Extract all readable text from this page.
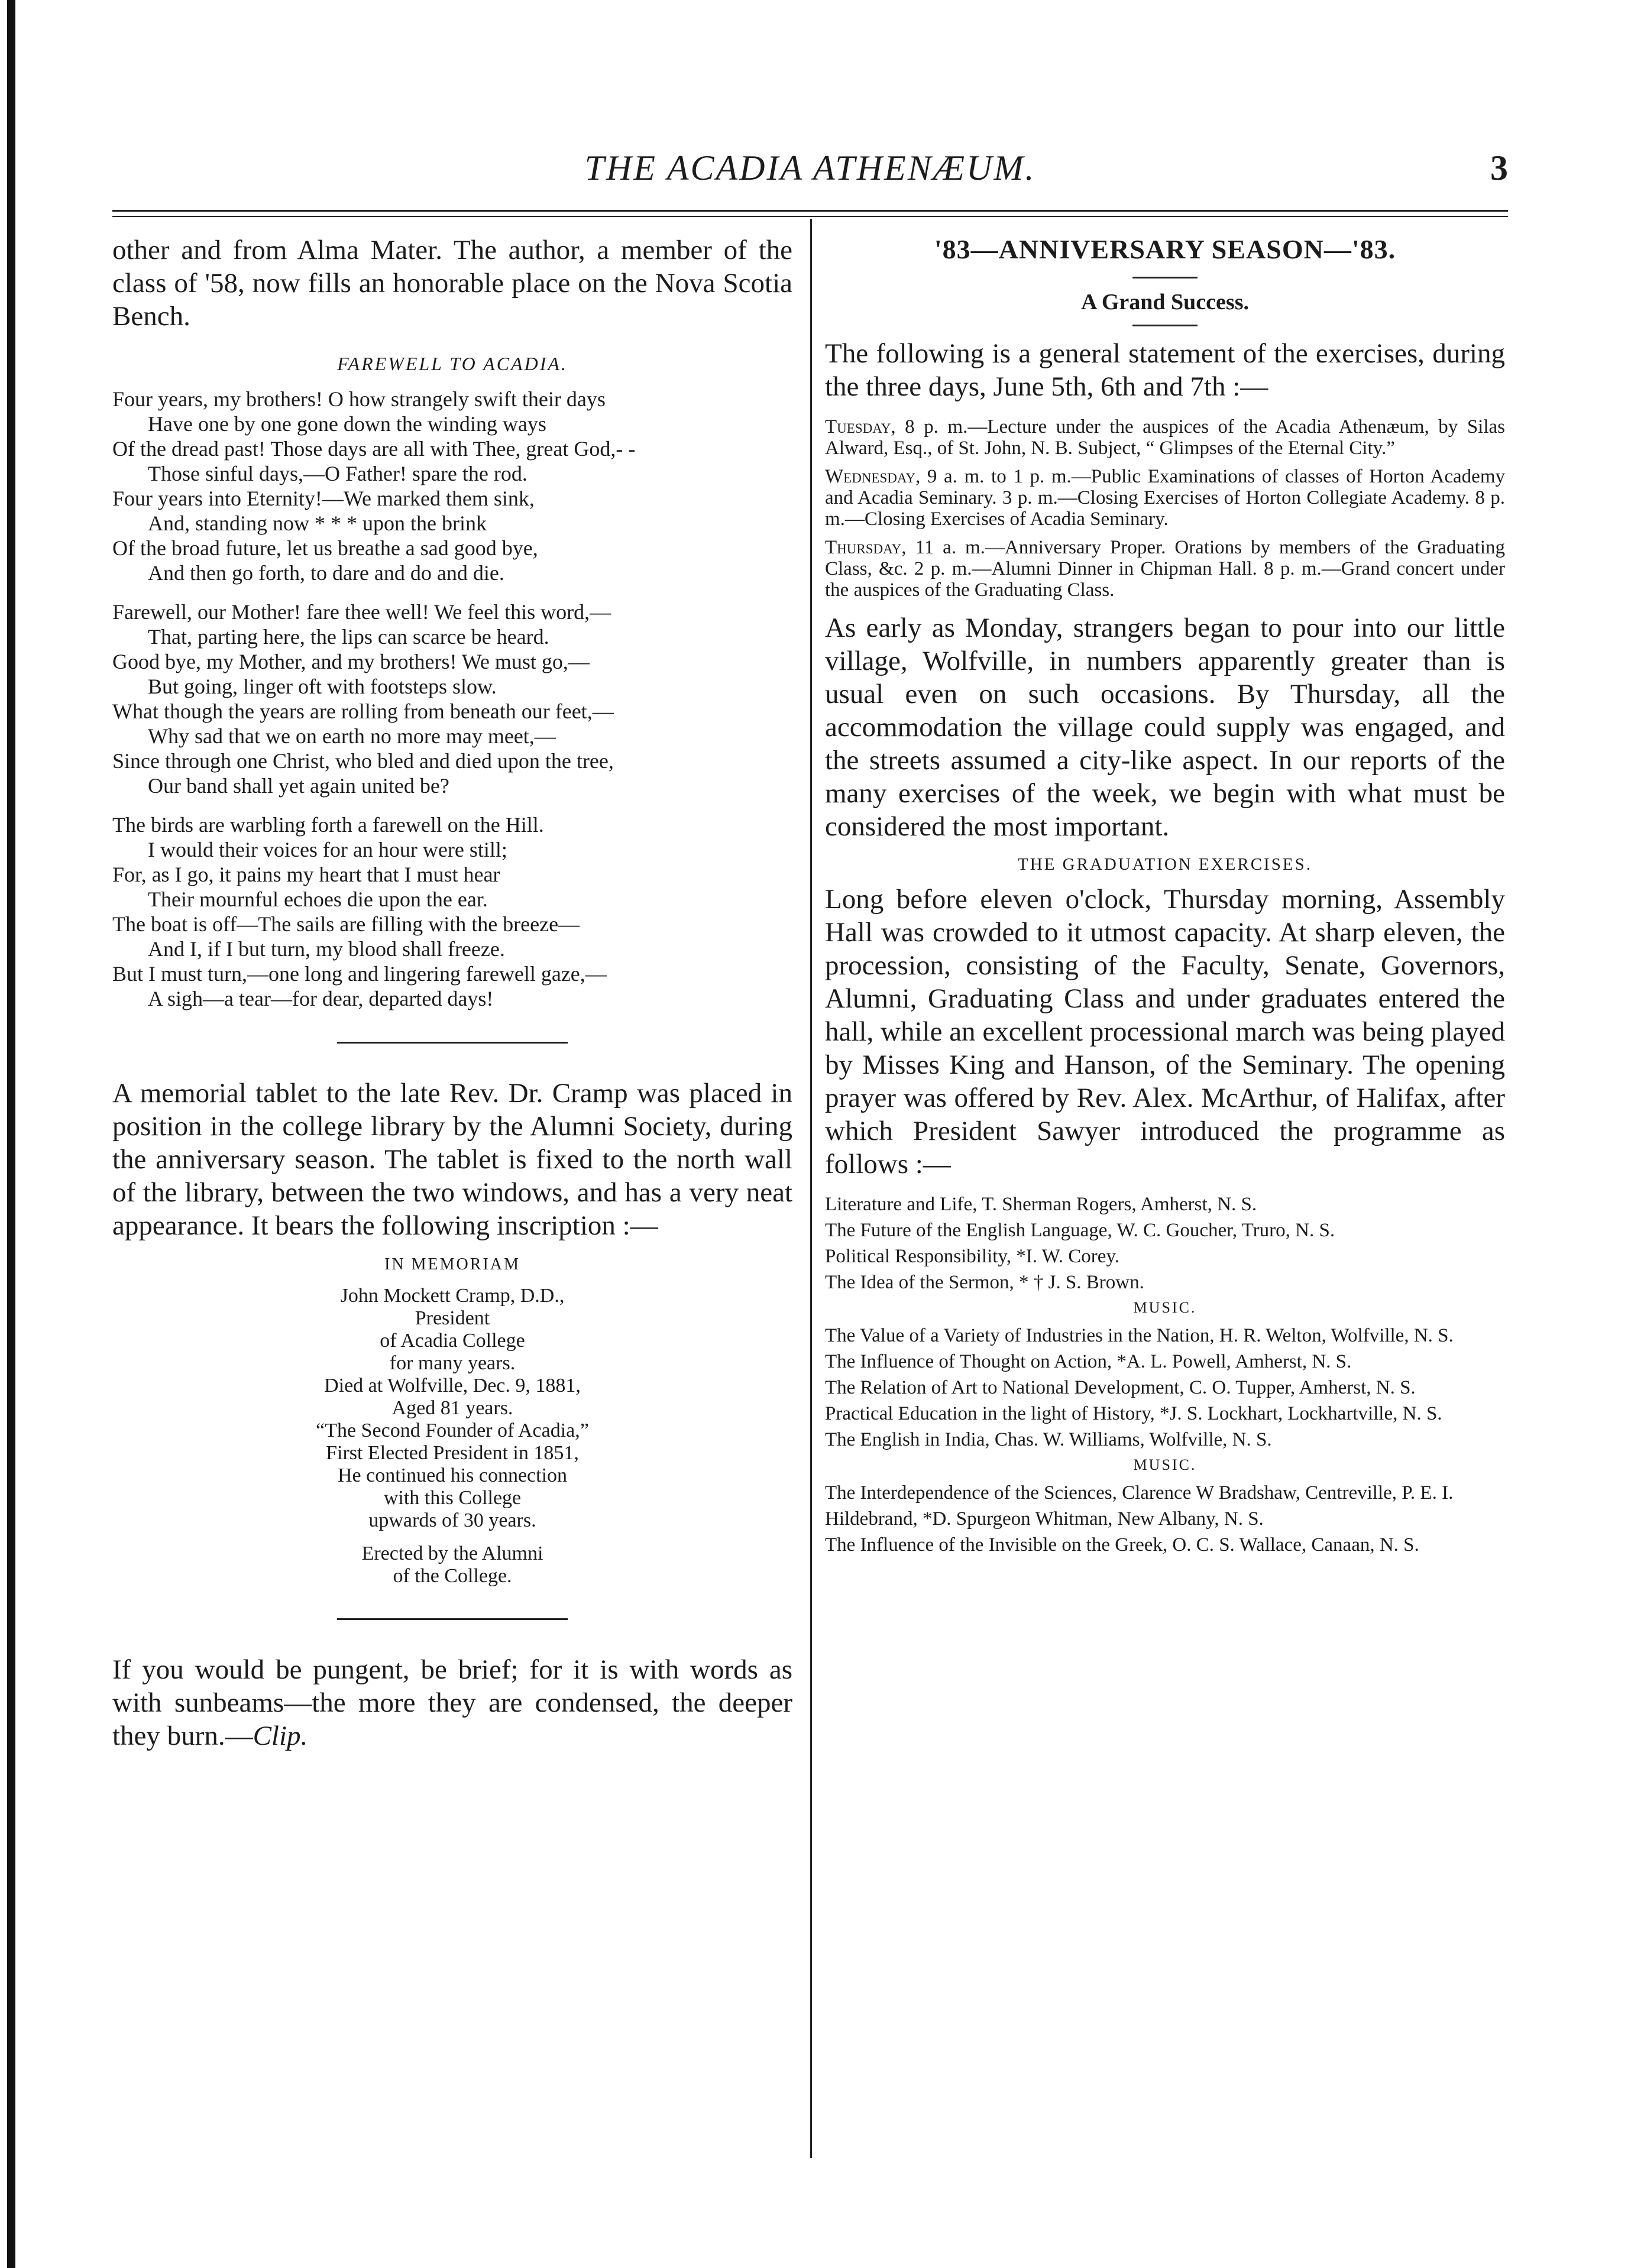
THE ACADIA ATHENÆUM.	3

other and from Alma Mater. The author, a member of the class of '58, now fills an honorable place on the Nova Scotia Bench.

FAREWELL TO ACADIA.
Four years, my brothers! O how strangely swift their days
Have one by one gone down the winding ways
Of the dread past! Those days are all with Thee, great God,- -
Those sinful days,—O Father! spare the rod.
Four years into Eternity!—We marked them sink,
And, standing now * * * upon the brink
Of the broad future, let us breathe a sad good bye,
And then go forth, to dare and do and die.
Farewell, our Mother! fare thee well! We feel this word,—
That, parting here, the lips can scarce be heard.
Good bye, my Mother, and my brothers! We must go,—
But going, linger oft with footsteps slow.
What though the years are rolling from beneath our feet,—
Why sad that we on earth no more may meet,—
Since through one Christ, who bled and died upon the tree,
Our band shall yet again united be?
The birds are warbling forth a farewell on the Hill.
I would their voices for an hour were still;
For, as I go, it pains my heart that I must hear
Their mournful echoes die upon the ear.
The boat is off—The sails are filling with the breeze—
And I, if I but turn, my blood shall freeze.
But I must turn,—one long and lingering farewell gaze,—
A sigh—a tear—for dear, departed days!

A memorial tablet to the late Rev. Dr. Cramp was placed in position in the college library by the Alumni Society, during the anniversary season. The tablet is fixed to the north wall of the library, between the two windows, and has a very neat appearance. It bears the following inscription :—

IN MEMORIAM
John Mockett Cramp, D.D.,
President
of Acadia College
for many years.
Died at Wolfville, Dec. 9, 1881,
Aged 81 years.
“The Second Founder of Acadia,”
First Elected President in 1851,
He continued his connection
with this College
upwards of 30 years.
Erected by the Alumni
of the College.

If you would be pungent, be brief; for it is with words as with sunbeams—the more they are condensed, the deeper they burn.—Clip.

'83—ANNIVERSARY SEASON—'83.
A Grand Success.

The following is a general statement of the exercises, during the three days, June 5th, 6th and 7th :—

Tuesday, 8 p. m.—Lecture under the auspices of the Acadia Athenæum, by Silas Alward, Esq., of St. John, N. B. Subject, “ Glimpses of the Eternal City.”

Wednesday, 9 a. m. to 1 p. m.—Public Examinations of classes of Horton Academy and Acadia Seminary. 3 p. m.—Closing Exercises of Horton Collegiate Academy. 8 p. m.—Closing Exercises of Acadia Seminary.

Thursday, 11 a. m.—Anniversary Proper. Orations by members of the Graduating Class, &c. 2 p. m.—Alumni Dinner in Chipman Hall. 8 p. m.—Grand concert under the auspices of the Graduating Class.

As early as Monday, strangers began to pour into our little village, Wolfville, in numbers apparently greater than is usual even on such occasions. By Thursday, all the accommodation the village could supply was engaged, and the streets assumed a city-like aspect. In our reports of the many exercises of the week, we begin with what must be considered the most important.

THE GRADUATION EXERCISES.

Long before eleven o'clock, Thursday morning, Assembly Hall was crowded to it utmost capacity. At sharp eleven, the procession, consisting of the Faculty, Senate, Governors, Alumni, Graduating Class and under graduates entered the hall, while an excellent processional march was being played by Misses King and Hanson, of the Seminary. The opening prayer was offered by Rev. Alex. McArthur, of Halifax, after which President Sawyer introduced the programme as follows :—

Literature and Life, T. Sherman Rogers, Amherst, N. S.

The Future of the English Language, W. C. Goucher, Truro, N. S.

Political Responsibility, *I. W. Corey.

The Idea of the Sermon, * † J. S. Brown.

MUSIC.

The Value of a Variety of Industries in the Nation, H. R. Welton, Wolfville, N. S.

The Influence of Thought on Action, *A. L. Powell, Amherst, N. S.

The Relation of Art to National Development, C. O. Tupper, Amherst, N. S.

Practical Education in the light of History, *J. S. Lockhart, Lockhartville, N. S.

The English in India, Chas. W. Williams, Wolfville, N. S.

MUSIC.

The Interdependence of the Sciences, Clarence W Bradshaw, Centreville, P. E. I.

Hildebrand, *D. Spurgeon Whitman, New Albany, N. S.

The Influence of the Invisible on the Greek, O. C. S. Wallace, Canaan, N. S.
